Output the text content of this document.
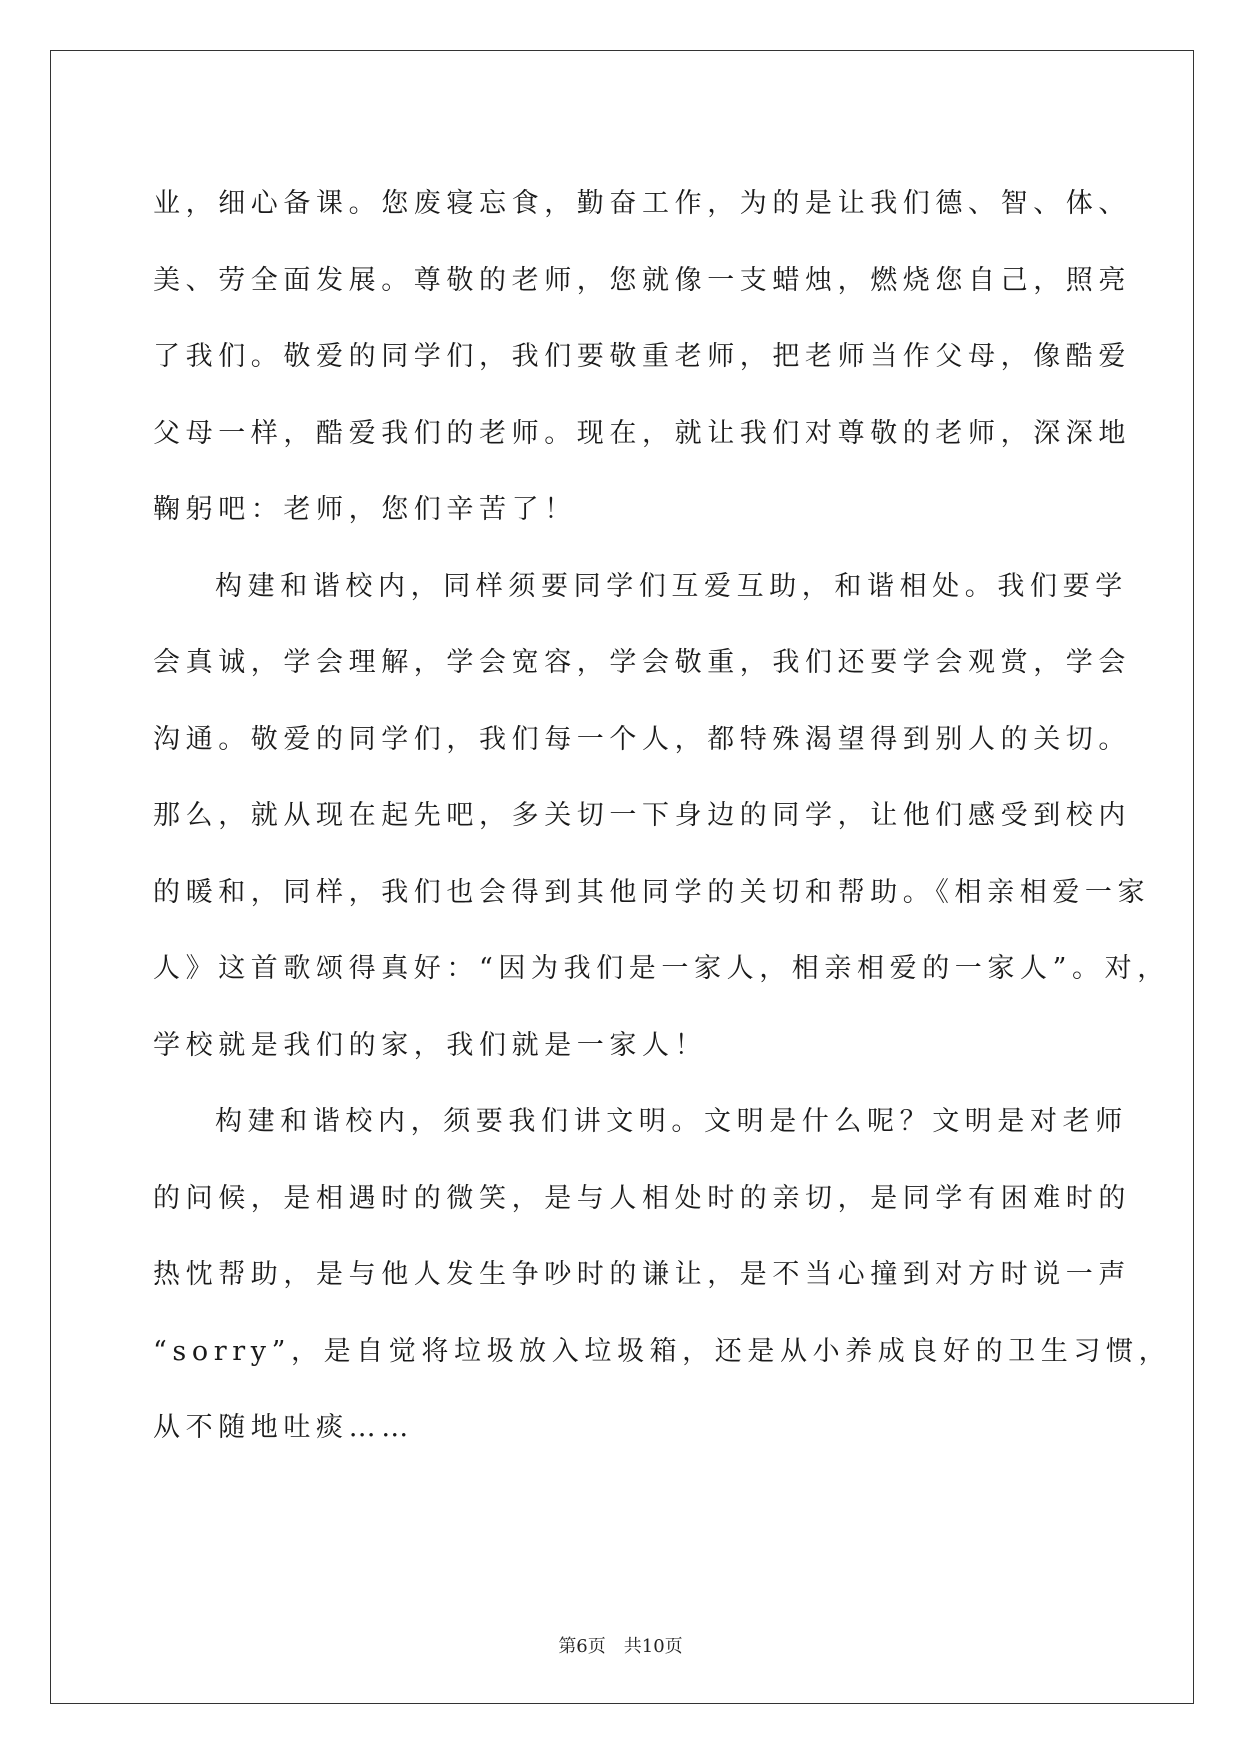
业，细心备课。您废寝忘食，勤奋工作，为的是让我们德、智、体、
美、劳全面发展。尊敬的老师，您就像一支蜡烛，燃烧您自己，照亮
了我们。敬爱的同学们，我们要敬重老师，把老师当作父母，像酷爱
父母一样，酷爱我们的老师。现在，就让我们对尊敬的老师，深深地
鞠躬吧：老师，您们辛苦了！
构建和谐校内，同样须要同学们互爱互助，和谐相处。我们要学
会真诚，学会理解，学会宽容，学会敬重，我们还要学会观赏，学会
沟通。敬爱的同学们，我们每一个人，都特殊渴望得到别人的关切。
那么，就从现在起先吧，多关切一下身边的同学，让他们感受到校内
的暖和，同样，我们也会得到其他同学的关切和帮助。《相亲相爱一家
人》这首歌颂得真好：“因为我们是一家人，相亲相爱的一家人”。对，
学校就是我们的家，我们就是一家人！
构建和谐校内，须要我们讲文明。文明是什么呢？文明是对老师
的问候，是相遇时的微笑，是与人相处时的亲切，是同学有困难时的
热忱帮助，是与他人发生争吵时的谦让，是不当心撞到对方时说一声
“sorry”，是自觉将垃圾放入垃圾箱，还是从小养成良好的卫生习惯，
从不随地吐痰……
第6页 共10页
